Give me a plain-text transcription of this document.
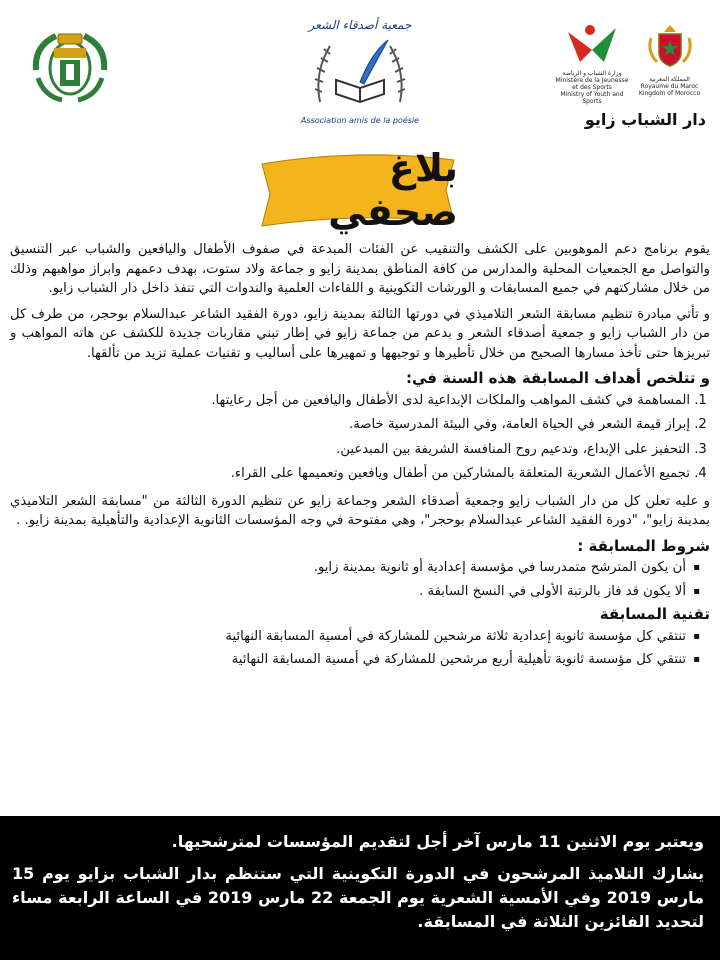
جمعية أصدقاء الشعر
Association amis de la poésie
وزارة الشباب و الرياضة
Ministère de la Jeunesse et des Sports
Ministry of Youth and Sports
المملكة المغربية
Royaume du Maroc
Kingdom of Morocco
دار الشباب زايو
بلاغ صحفي

يقوم برنامج دعم الموهوبين على الكشف والتنقيب عن الفئات المبدعة في صفوف الأطفال واليافعين والشباب عبر التنسيق والتواصل مع الجمعيات المحلية والمدارس من كافة المناطق بمدينة زايو و جماعة ولاد ستوت، بهدف دعمهم وابراز مواهبهم وذلك من خلال مشاركتهم في جميع المسابقات و الورشات التكوينية و اللقاءات العلمية والندوات التي تنفذ داخل دار الشباب زايو.

و تأتي مبادرة تنظيم مسابقة الشعر التلاميذي في دورتها الثالثة بمدينة زايو، دورة الفقيد الشاعر عبدالسلام بوحجر، من طرف كل من دار الشباب زايو و جمعية أصدقاء الشعر و بدعم من جماعة زايو في إطار تبني مقاربات جديدة للكشف عن هاته المواهب و تبريزها حتى تأخذ مسارها الصحيح من خلال تأطيرها و توجيهها و تمهيرها على أساليب و تقنيات عملية تزيد من تألقها.

و تتلخص أهداف المسابقة هذه السنة في:
1. المساهمة في كشف المواهب والملكات الإبداعية لدى الأطفال واليافعين من أجل رعايتها.
2. إبراز قيمة الشعر في الحياة العامة، وفي البيئة المدرسية خاصة.
3. التحفيز على الإبداع، وتدعيم روح المنافسة الشريفة بين المبدعين.
4. تجميع الأعمال الشعرية المتعلقة بالمشاركين من أطفال ويافعين وتعميمها على القراء.

و عليه تعلن كل من دار الشباب زايو وجمعية أصدقاء الشعر وجماعة زايو عن تنظيم الدورة الثالثة من "مسابقة الشعر التلاميذي بمدينة زايو"، "دورة الفقيد الشاعر عبدالسلام بوحجر"، وهي مفتوحة في وجه المؤسسات الثانوية الإعدادية والتأهيلية بمدينة زايو. .

شروط المسابقة :
▪ أن يكون المترشح متمدرسا في مؤسسة إعدادية أو ثانوية بمدينة زايو.
▪ ألا يكون قد فاز بالرتبة الأولى في النسخ السابقة .
تقنية المسابقة
▪ تنتقي كل مؤسسة ثانوية إعدادية ثلاثة مرشحين للمشاركة في أمسية المسابقة النهائية
▪ تنتقي كل مؤسسة ثانوية تأهيلية أربع مرشحين للمشاركة في أمسية المسابقة النهائية
ويعتبر يوم الاثنين 11 مارس آخر أجل لتقديم المؤسسات لمترشحيها.
يشارك التلاميذ المرشحون في الدورة التكوينية التي ستنظم بدار الشباب بزايو يوم 15 مارس 2019 وفي الأمسية الشعرية يوم الجمعة 22 مارس 2019 في الساعة الرابعة مساء لتحديد الفائزين الثلاثة في المسابقة.
